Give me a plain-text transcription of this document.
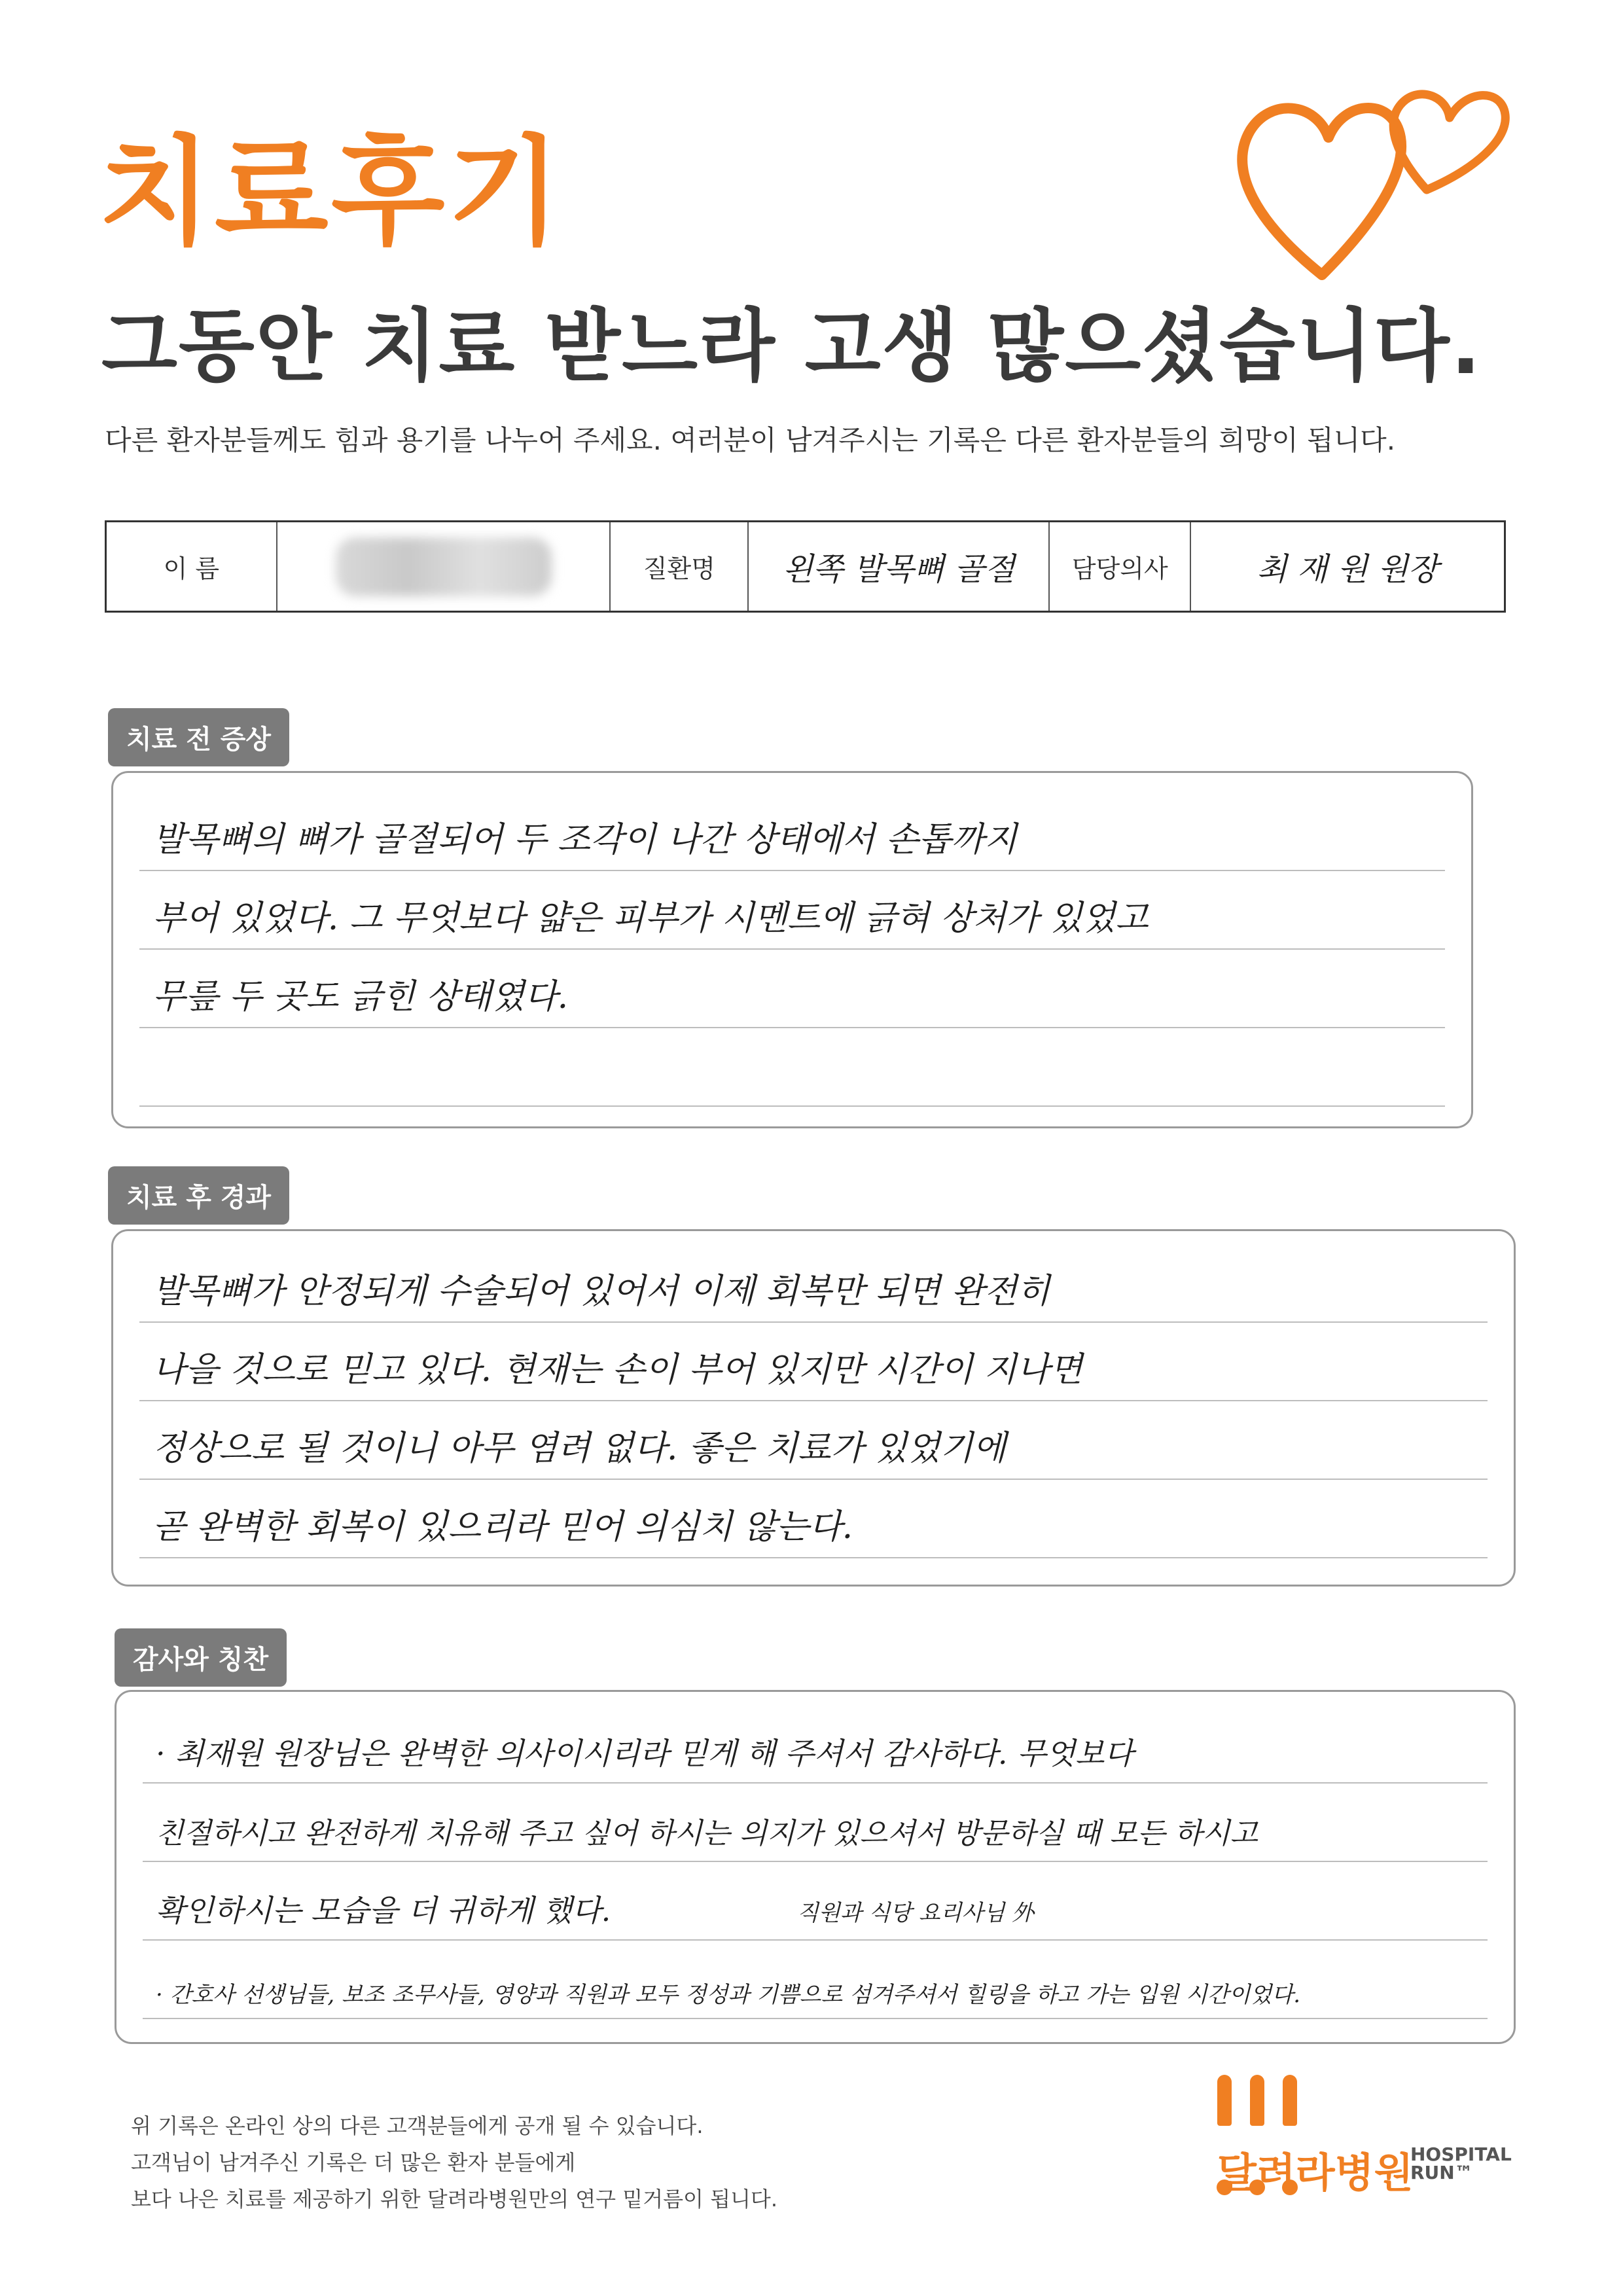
치료후기
그동안 치료 받느라 고생 많으셨습니다.
다른 환자분들께도 힘과 용기를 나누어 주세요. 여러분이 남겨주시는 기록은 다른 환자분들의 희망이 됩니다.
이 름	질환명	왼쪽 발목뼈 골절	담당의사	최 재 원 원장
치료 전 증상
발목뼈의 뼈가 골절되어 두 조각이 나간 상태에서 손톱까지
부어 있었다. 그 무엇보다 얇은 피부가 시멘트에 긁혀 상처가 있었고
무릎 두 곳도 긁힌 상태였다.
치료 후 경과
발목뼈가 안정되게 수술되어 있어서 이제 회복만 되면 완전히
나을 것으로 믿고 있다. 현재는 손이 부어 있지만 시간이 지나면
정상으로 될 것이니 아무 염려 없다. 좋은 치료가 있었기에
곧 완벽한 회복이 있으리라 믿어 의심치 않는다.
감사와 칭찬
· 최재원 원장님은 완벽한 의사이시리라 믿게 해 주셔서 감사하다. 무엇보다
친절하시고 완전하게 치유해 주고 싶어 하시는 의지가 있으셔서 방문하실 때 모든 하시고
확인하시는 모습을 더 귀하게 했다.
· 간호사 선생님들, 보조 조무사들, 영양과 직원과 모두 정성과 기쁨으로 섬겨주셔서 힐링을 하고 가는 입원 시간이었다.
직원과 식당 요리사님 外
위 기록은 온라인 상의 다른 고객분들에게 공개 될 수 있습니다.
고객님이 남겨주신 기록은 더 많은 환자 분들에게
보다 나은 치료를 제공하기 위한 달려라병원만의 연구 밑거름이 됩니다.
달려라병원
HOSPITAL
RUN™
